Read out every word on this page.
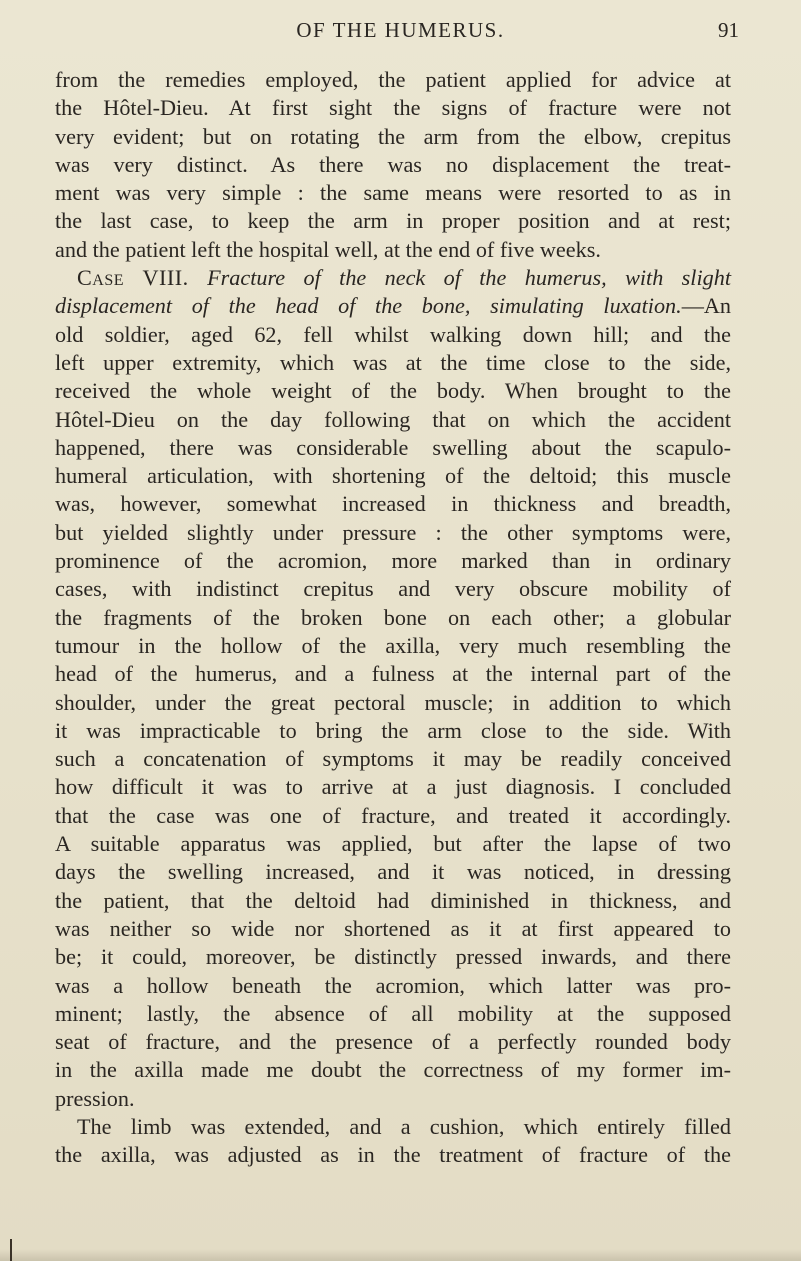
OF THE HUMERUS.	91
from the remedies employed, the patient applied for advice at
the Hôtel-Dieu. At first sight the signs of fracture were not
very evident; but on rotating the arm from the elbow, crepitus
was very distinct. As there was no displacement the treat-
ment was very simple : the same means were resorted to as in
the last case, to keep the arm in proper position and at rest;
and the patient left the hospital well, at the end of five weeks.
Case VIII. Fracture of the neck of the humerus, with slight
displacement of the head of the bone, simulating luxation.—An
old soldier, aged 62, fell whilst walking down hill; and the
left upper extremity, which was at the time close to the side,
received the whole weight of the body. When brought to the
Hôtel-Dieu on the day following that on which the accident
happened, there was considerable swelling about the scapulo-
humeral articulation, with shortening of the deltoid; this muscle
was, however, somewhat increased in thickness and breadth,
but yielded slightly under pressure : the other symptoms were,
prominence of the acromion, more marked than in ordinary
cases, with indistinct crepitus and very obscure mobility of
the fragments of the broken bone on each other; a globular
tumour in the hollow of the axilla, very much resembling the
head of the humerus, and a fulness at the internal part of the
shoulder, under the great pectoral muscle; in addition to which
it was impracticable to bring the arm close to the side. With
such a concatenation of symptoms it may be readily conceived
how difficult it was to arrive at a just diagnosis. I concluded
that the case was one of fracture, and treated it accordingly.
A suitable apparatus was applied, but after the lapse of two
days the swelling increased, and it was noticed, in dressing
the patient, that the deltoid had diminished in thickness, and
was neither so wide nor shortened as it at first appeared to
be; it could, moreover, be distinctly pressed inwards, and there
was a hollow beneath the acromion, which latter was pro-
minent; lastly, the absence of all mobility at the supposed
seat of fracture, and the presence of a perfectly rounded body
in the axilla made me doubt the correctness of my former im-
pression.
The limb was extended, and a cushion, which entirely filled
the axilla, was adjusted as in the treatment of fracture of the
